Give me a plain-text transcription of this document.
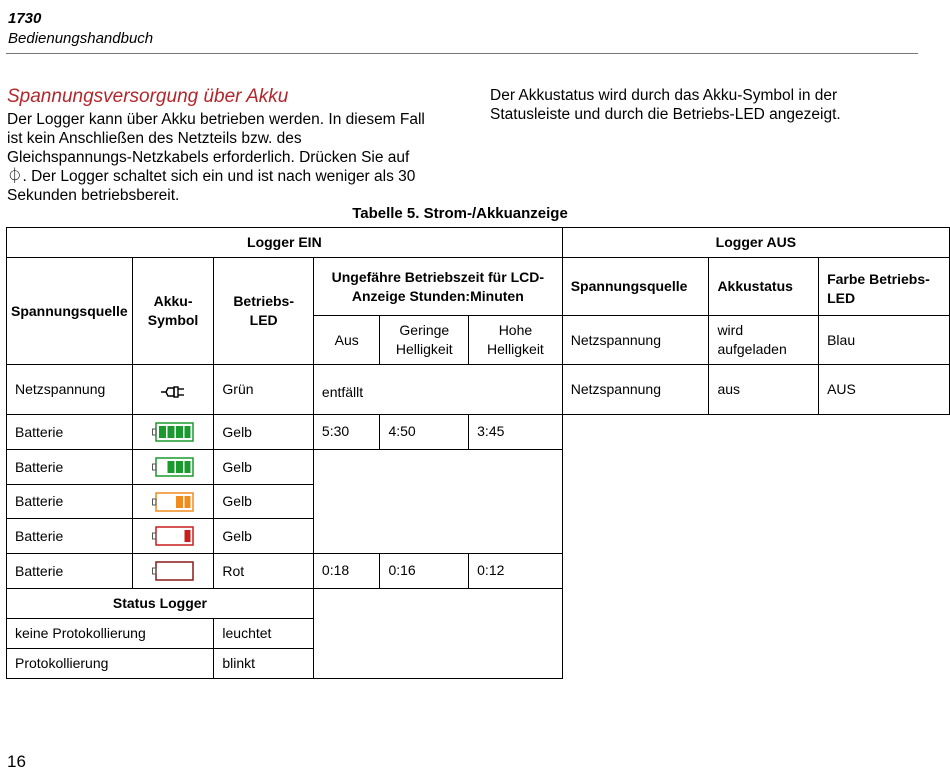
1730
Bedienungshandbuch
Spannungsversorgung über Akku
Der Logger kann über Akku betrieben werden. In diesem Fall ist kein Anschließen des Netzteils bzw. des Gleichspannungs-Netzkabels erforderlich. Drücken Sie auf ⏀. Der Logger schaltet sich ein und ist nach weniger als 30 Sekunden betriebsbereit.
Der Akkustatus wird durch das Akku-Symbol in der Statusleiste und durch die Betriebs-LED angezeigt.
Tabelle 5. Strom-/Akkuanzeige
Logger EIN						Logger AUS		
Spannungsquelle	Akku-Symbol	Betriebs-LED	Ungefähre Betriebszeit für LCD-Anzeige Stunden:Minuten			Spannungsquelle	Akkustatus	Farbe Betriebs-LED
			Aus	Geringe Helligkeit	Hohe Helligkeit	Netzspannung	wird aufgeladen	Blau
Netzspannung		Grün	entfällt			Netzspannung	aus	AUS
Batterie		Gelb	5:30	4:50	3:45			
Batterie		Gelb						
Batterie		Gelb						
Batterie		Gelb						
Batterie		Rot	0:18	0:16	0:12			
Status Logger								
keine Protokollierung		leuchtet						
Protokollierung		blinkt						
16
